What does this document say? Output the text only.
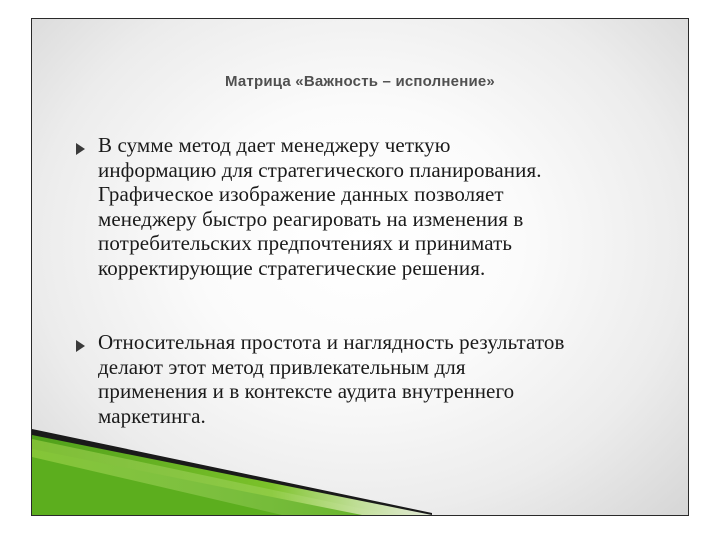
Матрица «Важность – исполнение»
В сумме метод дает менеджеру четкую
информацию для стратегического планирования.
Графическое изображение данных позволяет
менеджеру быстро реагировать на изменения в
потребительских предпочтениях и принимать
корректирующие стратегические решения.
Относительная простота и наглядность результатов
делают этот метод привлекательным для
применения и в контексте аудита внутреннего
маркетинга.
